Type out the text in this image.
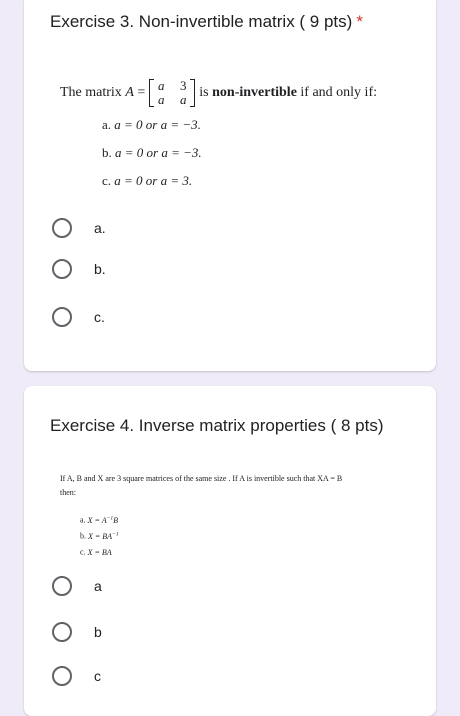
Exercise 3. Non-invertible matrix ( 9 pts) *
The matrix
A
= a 3
a a is
non-invertible
if and only if:
a. a = 0 or a = −3.
b. a = 0 or a = −3.
c. a = 0 or a = 3.
a.
b.
c.
Exercise 4. Inverse matrix properties ( 8 pts)
If A, B and X are 3 square matrices of the same size . If A is invertible such that XA = B
then:
a. $X = A^{-1}B$
b. $X = BA^{-1}$
c. X = BA
a
b
c
